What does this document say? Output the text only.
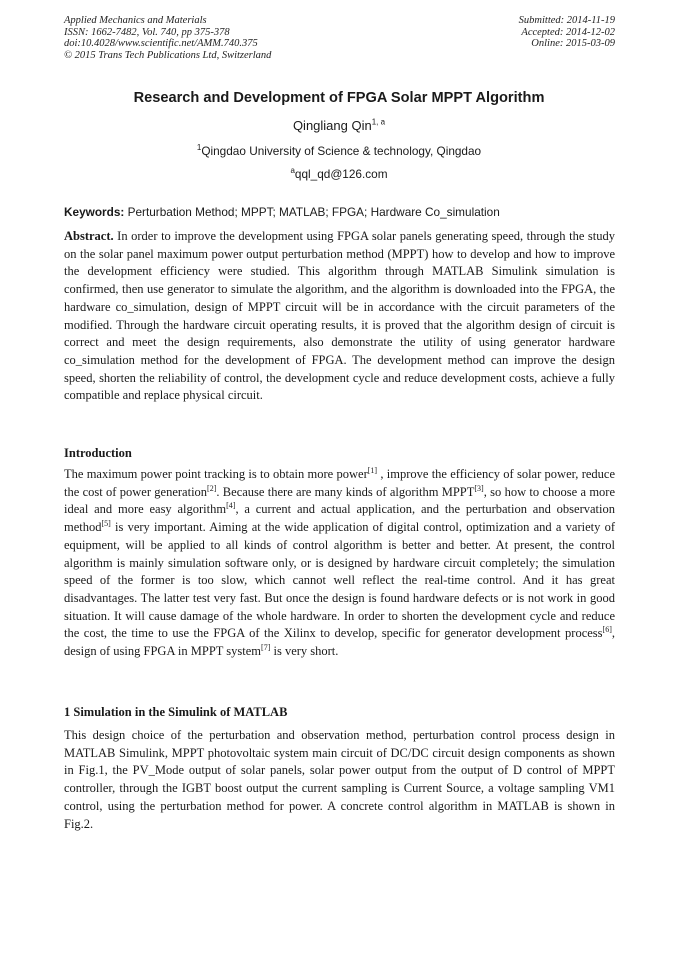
Applied Mechanics and Materials
ISSN: 1662-7482, Vol. 740, pp 375-378
doi:10.4028/www.scientific.net/AMM.740.375
© 2015 Trans Tech Publications Ltd, Switzerland
Submitted: 2014-11-19
Accepted: 2014-12-02
Online: 2015-03-09
Research and Development of FPGA Solar MPPT Algorithm
Qingliang Qin$^{1, a}$
$^1$Qingdao University of Science & technology, Qingdao
$^a$qql_qd@126.com
Keywords: Perturbation Method; MPPT; MATLAB; FPGA; Hardware Co_simulation
Abstract. In order to improve the development using FPGA solar panels generating speed, through the study on the solar panel maximum power output perturbation method (MPPT) how to develop and how to improve the development efficiency were studied. This algorithm through MATLAB Simulink simulation is confirmed, then use generator to simulate the algorithm, and the algorithm is downloaded into the FPGA, the hardware co_simulation, design of MPPT circuit will be in accordance with the circuit parameters of the modified. Through the hardware circuit operating results, it is proved that the algorithm design of circuit is correct and meet the design requirements, also demonstrate the utility of using generator hardware co_simulation method for the development of FPGA. The development method can improve the design speed, shorten the reliability of control, the development cycle and reduce development costs, achieve a fully compatible and replace physical circuit.
Introduction
The maximum power point tracking is to obtain more power[1] , improve the efficiency of solar power, reduce the cost of power generation[2]. Because there are many kinds of algorithm MPPT[3], so how to choose a more ideal and more easy algorithm[4], a current and actual application, and the perturbation and observation method[5] is very important. Aiming at the wide application of digital control, optimization and a variety of equipment, will be applied to all kinds of control algorithm is better and better. At present, the control algorithm is mainly simulation software only, or is designed by hardware circuit completely; the simulation speed of the former is too slow, which cannot well reflect the real-time control. And it has great disadvantages. The latter test very fast. But once the design is found hardware defects or is not work in good situation. It will cause damage of the whole hardware. In order to shorten the development cycle and reduce the cost, the time to use the FPGA of the Xilinx to develop, specific for generator development process[6], design of using FPGA in MPPT system[7] is very short.
1 Simulation in the Simulink of MATLAB
This design choice of the perturbation and observation method, perturbation control process design in MATLAB Simulink, MPPT photovoltaic system main circuit of DC/DC circuit design components as shown in Fig.1, the PV_Mode output of solar panels, solar power output from the output of D control of MPPT controller, through the IGBT boost output the current sampling is Current Source, a voltage sampling VM1 control, using the perturbation method for power. A concrete control algorithm in MATLAB is shown in Fig.2.
